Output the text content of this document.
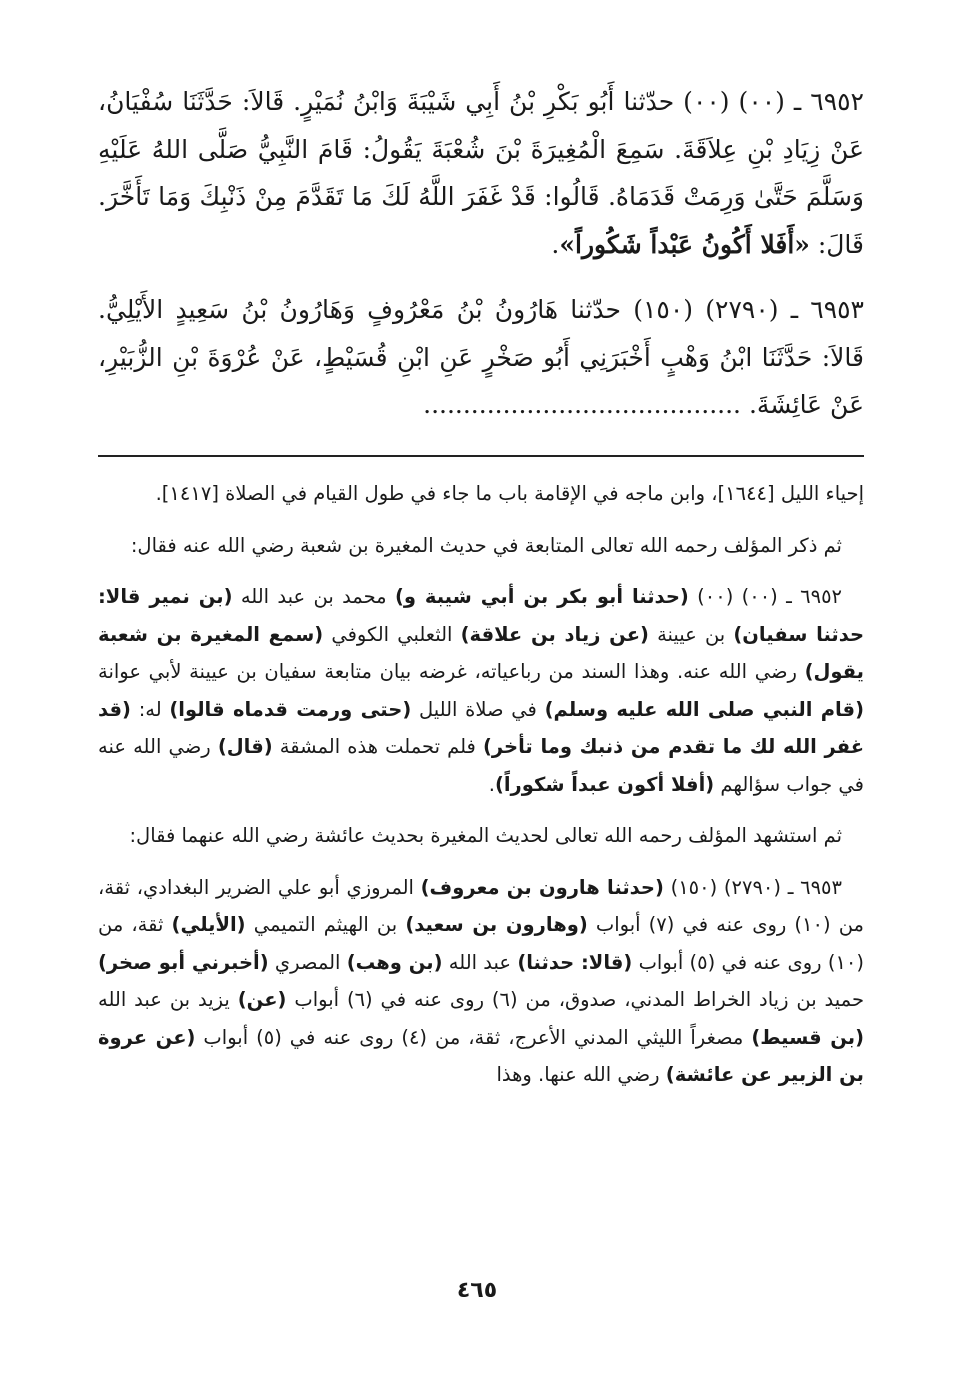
٦٩٥٢ ـ (٠٠) (٠٠) حدّثنا أَبُو بَكْرِ بْنُ أَبِي شَيْبَةَ وَابْنُ نُمَيْرٍ. قَالاَ: حَدَّثَنَا سُفْيَانُ، عَنْ زِيَادِ بْنِ عِلاَقَةَ. سَمِعَ الْمُغِيرَةَ بْنَ شُعْبَةَ يَقُولُ: قَامَ النَّبِيُّ صَلَّى اللهُ عَلَيْهِ وَسَلَّمَ حَتَّىٰ وَرِمَتْ قَدَمَاهُ. قَالُوا: قَدْ غَفَرَ اللَّهُ لَكَ مَا تَقَدَّمَ مِنْ ذَنْبِكَ وَمَا تَأَخَّرَ. قَالَ: «أَفَلا أَكُونُ عَبْداً شَكُوراً».

٦٩٥٣ ـ (٢٧٩٠) (١٥٠) حدّثنا هَارُونُ بْنُ مَعْرُوفٍ وَهَارُونُ بْنُ سَعِيدٍ الأَيْلِيُّ. قَالاَ: حَدَّثَنَا ابْنُ وَهْبٍ أَخْبَرَنِي أَبُو صَخْرٍ عَنِ ابْنِ قُسَيْطٍ، عَنْ عُرْوَةَ بْنِ الزُّبَيْرِ، عَنْ عَائِشَةَ. ........................................

إحياء الليل [١٦٤٤]، وابن ماجه في الإقامة باب ما جاء في طول القيام في الصلاة [١٤١٧].

ثم ذكر المؤلف رحمه الله تعالى المتابعة في حديث المغيرة بن شعبة رضي الله عنه فقال:

٦٩٥٢ ـ (٠٠) (٠٠) (حدثنا أبو بكر بن أبي شيبة و) محمد بن عبد الله (بن نمير قالا: حدثنا سفيان) بن عيينة (عن زياد بن علاقة) الثعلبي الكوفي (سمع المغيرة بن شعبة يقول) رضي الله عنه. وهذا السند من رباعياته، غرضه بيان متابعة سفيان بن عيينة لأبي عوانة (قام النبي صلى الله عليه وسلم) في صلاة الليل (حتى ورمت قدماه قالوا) له: (قد غفر الله لك ما تقدم من ذنبك وما تأخر) فلم تحملت هذه المشقة (قال) رضي الله عنه في جواب سؤالهم (أفلا أكون عبداً شكوراً).

ثم استشهد المؤلف رحمه الله تعالى لحديث المغيرة بحديث عائشة رضي الله عنهما فقال:

٦٩٥٣ ـ (٢٧٩٠) (١٥٠) (حدثنا هارون بن معروف) المروزي أبو علي الضرير البغدادي، ثقة، من (١٠) روى عنه في (٧) أبواب (وهارون بن سعيد) بن الهيثم التميمي (الأيلي) ثقة، من (١٠) روى عنه في (٥) أبواب (قالا: حدثنا) عبد الله (بن وهب) المصري (أخبرني أبو صخر) حميد بن زياد الخراط المدني، صدوق، من (٦) روى عنه في (٦) أبواب (عن) يزيد بن عبد الله (بن قسيط) مصغراً الليثي المدني الأعرج، ثقة، من (٤) روى عنه في (٥) أبواب (عن عروة بن الزبير عن عائشة) رضي الله عنها. وهذا

٤٦٥
